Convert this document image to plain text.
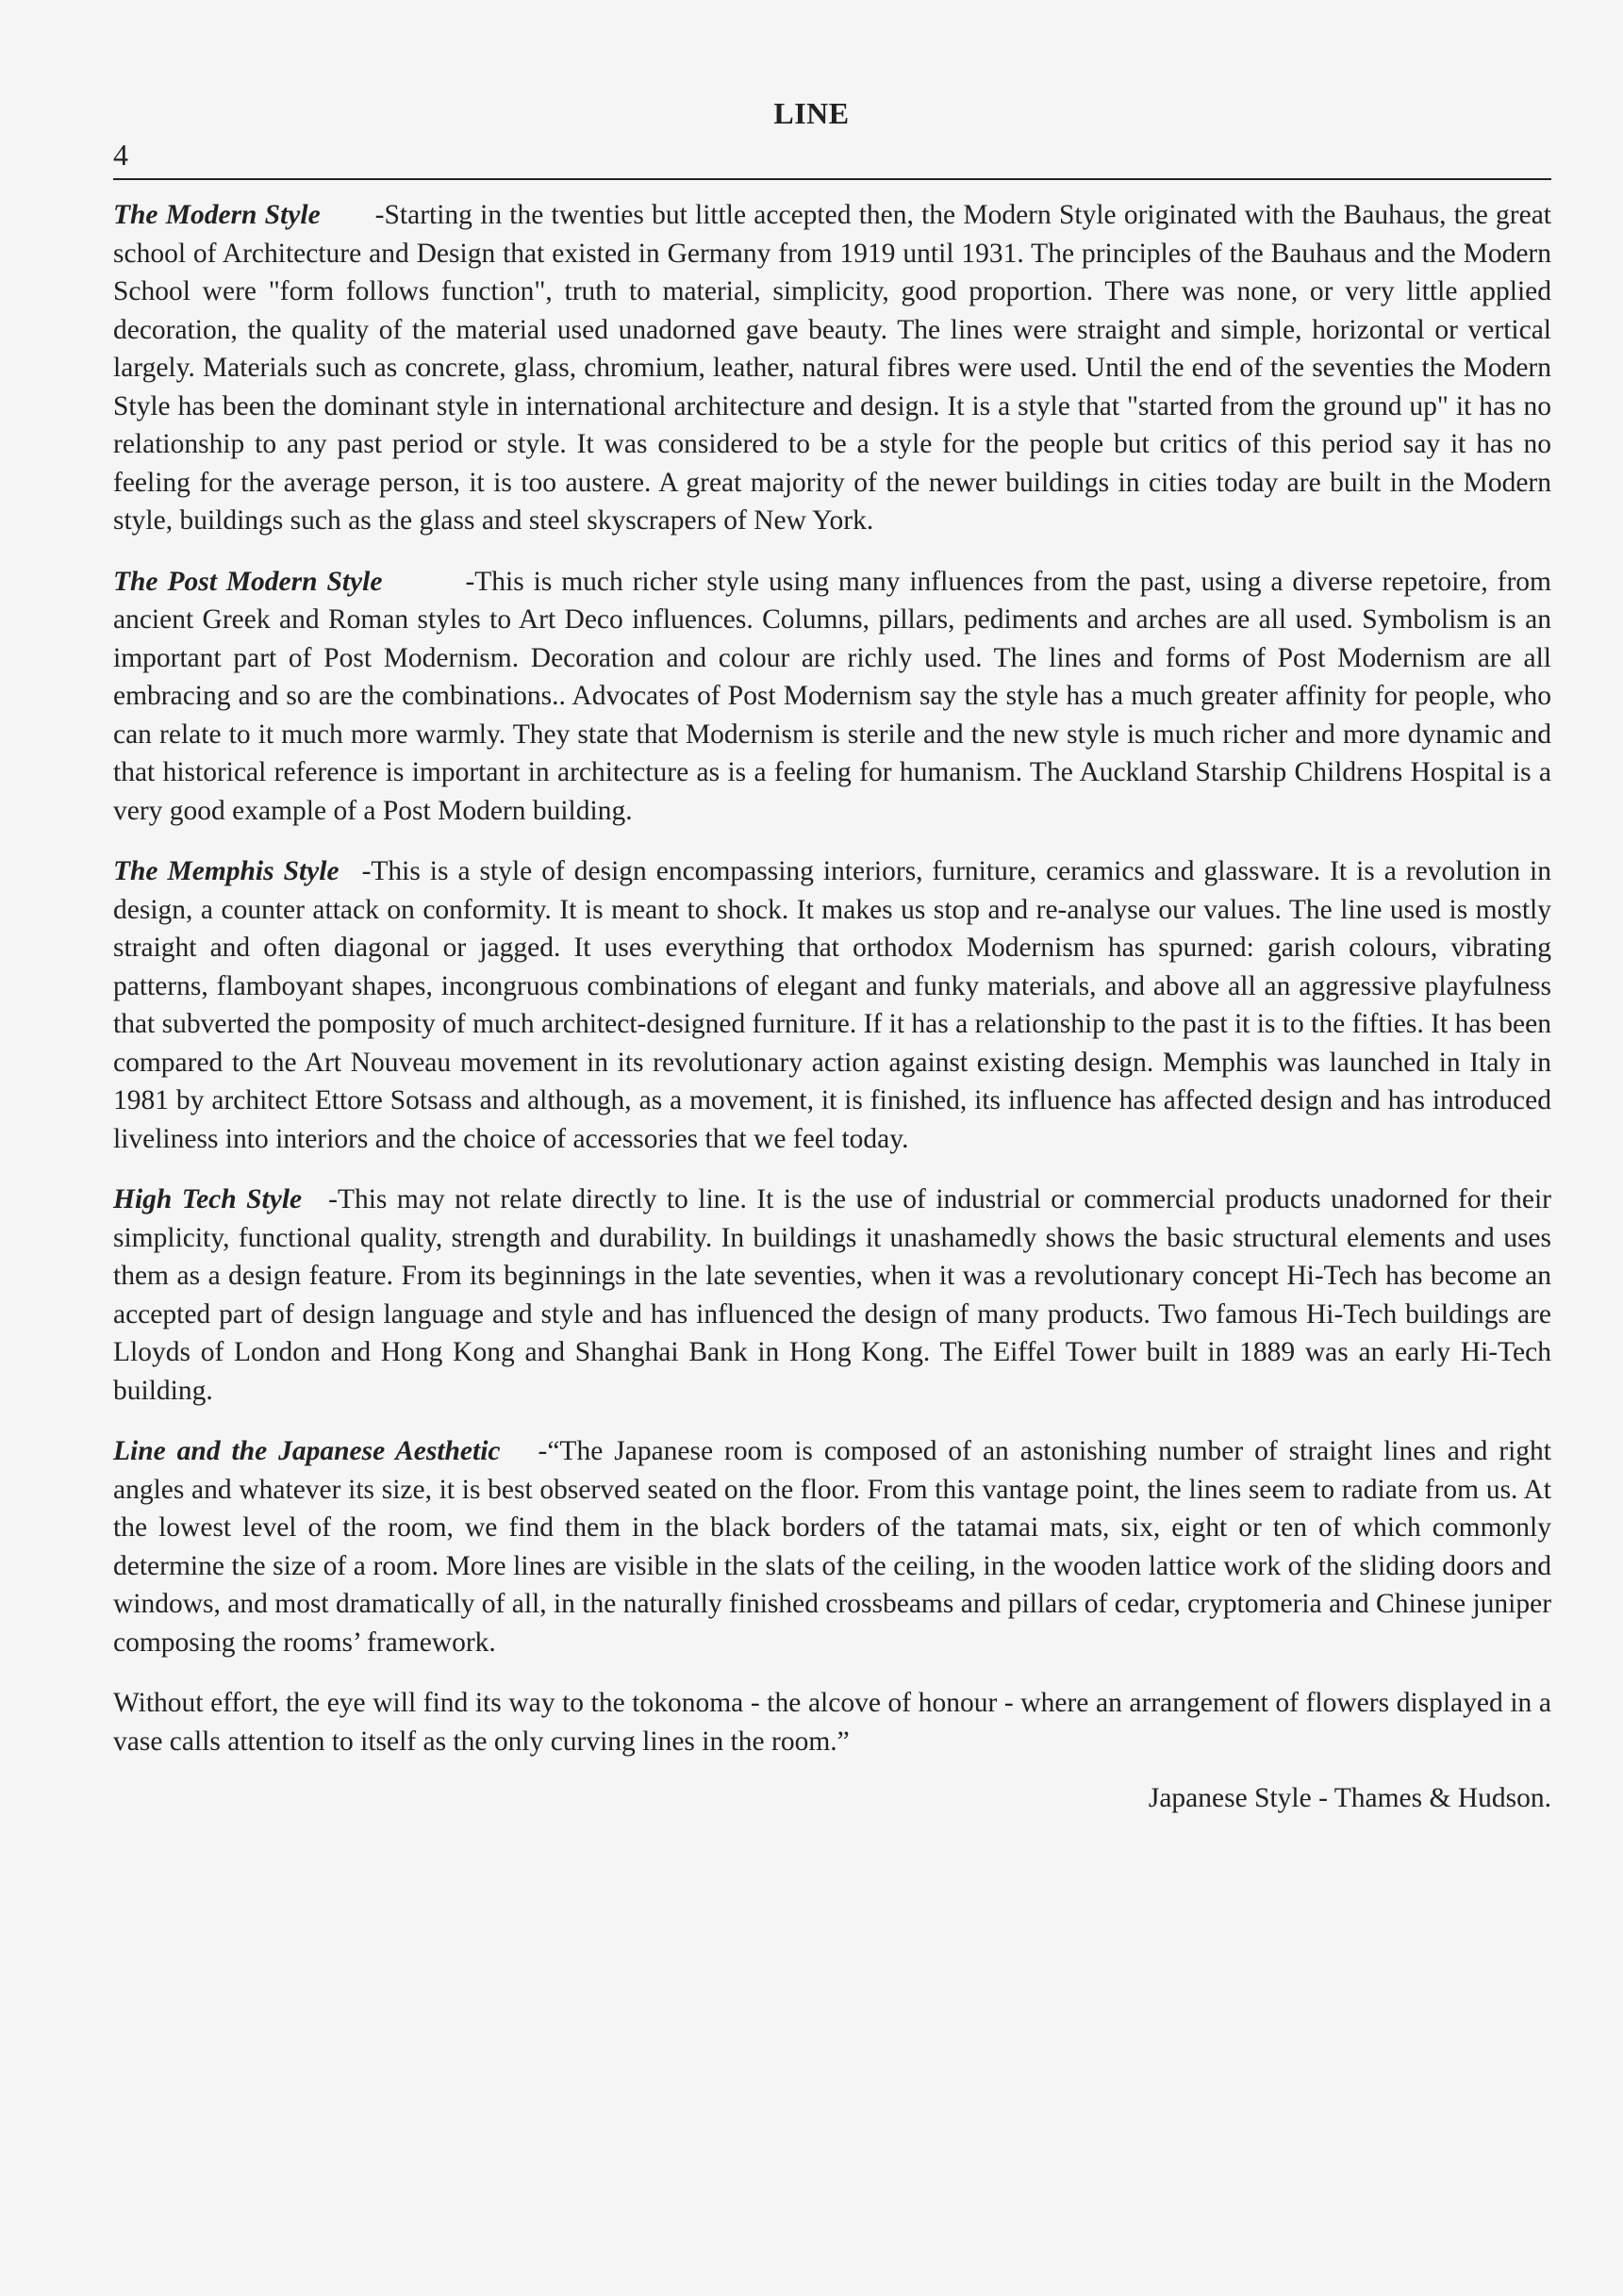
LINE
4

The Modern Style -Starting in the twenties but little accepted then, the Modern Style originated with the Bauhaus, the great school of Architecture and Design that existed in Germany from 1919 until 1931. The principles of the Bauhaus and the Modern School were "form follows function", truth to material, simplicity, good proportion. There was none, or very little applied decoration, the quality of the material used unadorned gave beauty. The lines were straight and simple, horizontal or vertical largely. Materials such as concrete, glass, chromium, leather, natural fibres were used. Until the end of the seventies the Modern Style has been the dominant style in international architecture and design. It is a style that "started from the ground up" it has no relationship to any past period or style. It was considered to be a style for the people but critics of this period say it has no feeling for the average person, it is too austere. A great majority of the newer buildings in cities today are built in the Modern style, buildings such as the glass and steel skyscrapers of New York.

The Post Modern Style	-This is much richer style using many influences from the past, using a diverse repetoire, from ancient Greek and Roman styles to Art Deco influences. Columns, pillars, pediments and arches are all used. Symbolism is an important part of Post Modernism. Decoration and colour are richly used. The lines and forms of Post Modernism are all embracing and so are the combinations.. Advocates of Post Modernism say the style has a much greater affinity for people, who can relate to it much more warmly. They state that Modernism is sterile and the new style is much richer and more dynamic and that historical reference is important in architecture as is a feeling for humanism. The Auckland Starship Childrens Hospital is a very good example of a Post Modern building.

The Memphis Style -This is a style of design encompassing interiors, furniture, ceramics and glassware. It is a revolution in design, a counter attack on conformity. It is meant to shock. It makes us stop and re-analyse our values. The line used is mostly straight and often diagonal or jagged. It uses everything that orthodox Modernism has spurned: garish colours, vibrating patterns, flamboyant shapes, incongruous combinations of elegant and funky materials, and above all an aggressive playfulness that subverted the pomposity of much architect-designed furniture. If it has a relationship to the past it is to the fifties. It has been compared to the Art Nouveau movement in its revolutionary action against existing design. Memphis was launched in Italy in 1981 by architect Ettore Sotsass and although, as a movement, it is finished, its influence has affected design and has introduced liveliness into interiors and the choice of accessories that we feel today.

High Tech Style -This may not relate directly to line. It is the use of industrial or commercial products unadorned for their simplicity, functional quality, strength and durability. In buildings it unashamedly shows the basic structural elements and uses them as a design feature. From its beginnings in the late seventies, when it was a revolutionary concept Hi-Tech has become an accepted part of design language and style and has influenced the design of many products. Two famous Hi-Tech buildings are Lloyds of London and Hong Kong and Shanghai Bank in Hong Kong. The Eiffel Tower built in 1889 was an early Hi-Tech building.

Line and the Japanese Aesthetic -“The Japanese room is composed of an astonishing number of straight lines and right angles and whatever its size, it is best observed seated on the floor. From this vantage point, the lines seem to radiate from us. At the lowest level of the room, we find them in the black borders of the tatamai mats, six, eight or ten of which commonly determine the size of a room. More lines are visible in the slats of the ceiling, in the wooden lattice work of the sliding doors and windows, and most dramatically of all, in the naturally finished crossbeams and pillars of cedar, cryptomeria and Chinese juniper composing the rooms’ framework.

Without effort, the eye will find its way to the tokonoma - the alcove of honour - where an arrangement of flowers displayed in a vase calls attention to itself as the only curving lines in the room.”

Japanese Style - Thames & Hudson.
